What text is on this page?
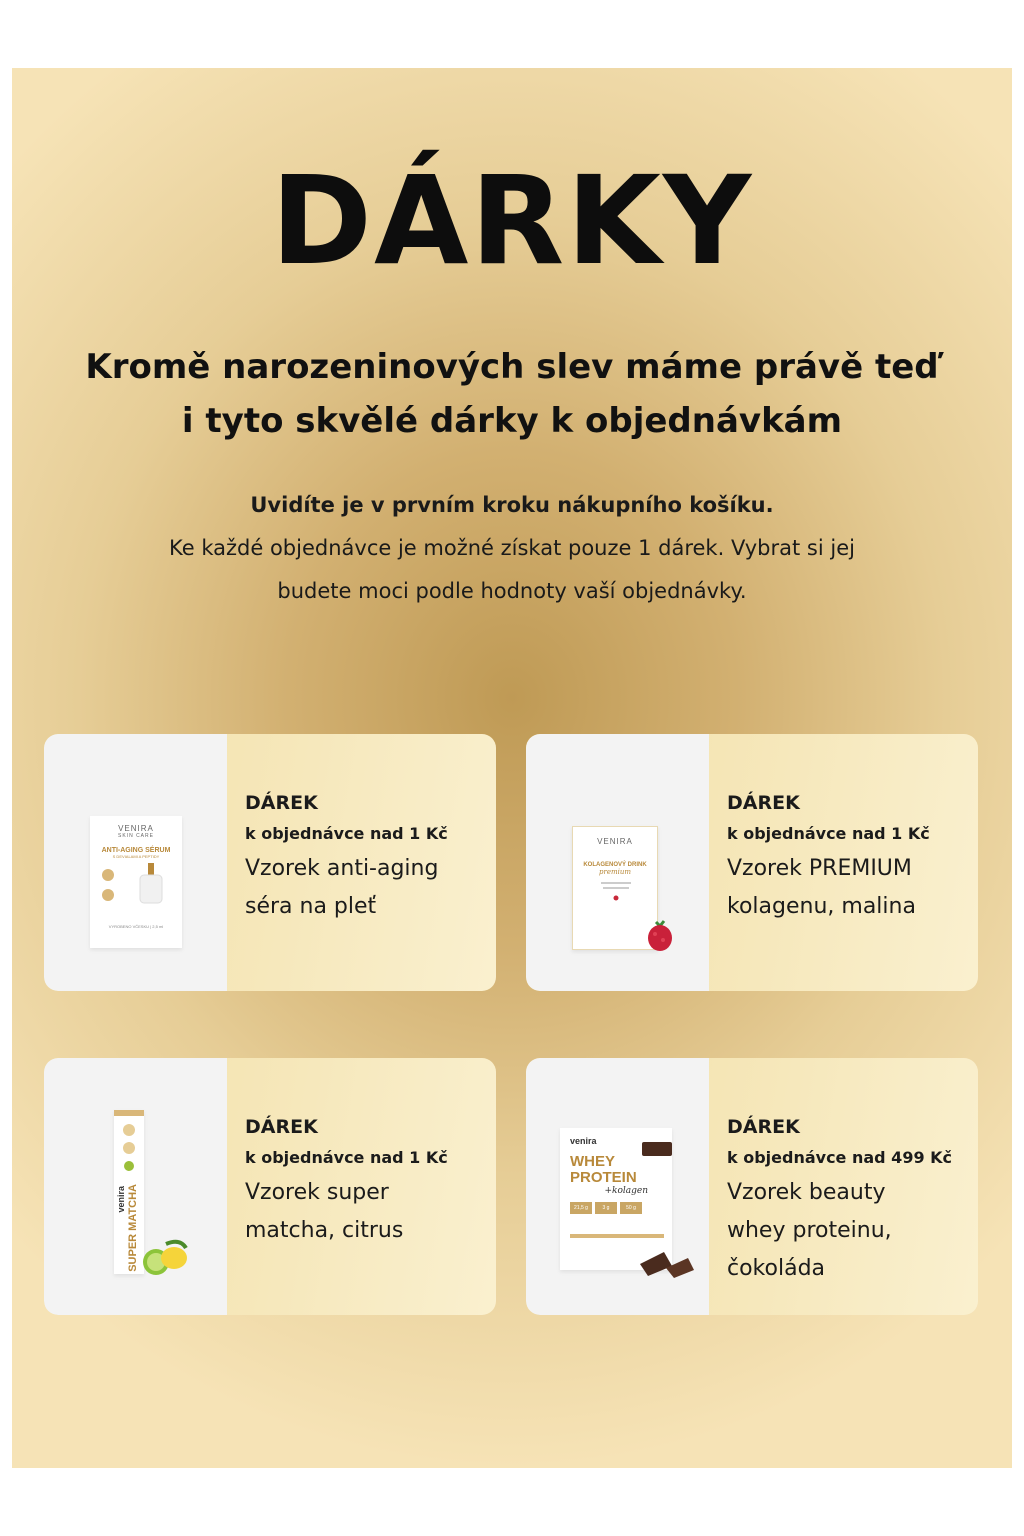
DÁRKY
Kromě narozeninových slev máme právě teď
i tyto skvělé dárky k objednávkám
Uvidíte je v prvním kroku nákupního košíku.
Ke každé objednávce je možné získat pouze 1 dárek. Vybrat si jej
budete moci podle hodnoty vaší objednávky.
VENIRA
SKIN CARE
ANTI-AGING SÉRUM
S DEVIALAMI A PEPTIDY
VYROBENO VČESKU | 2,5 ml
DÁREK
k objednávce nad 1 Kč
Vzorek anti-aging séra na pleť
VENIRA
KOLAGENOVÝ DRINK
premium
DÁREK
k objednávce nad 1 Kč
Vzorek PREMIUM kolagenu, malina
venira SUPER MATCHA
DÁREK
k objednávce nad 1 Kč
Vzorek super matcha, citrus
venira
WHEY
PROTEIN
+kolagen
21,5 g	3 g	50 g
DÁREK
k objednávce nad 499 Kč
Vzorek beauty whey proteinu, čokoláda
